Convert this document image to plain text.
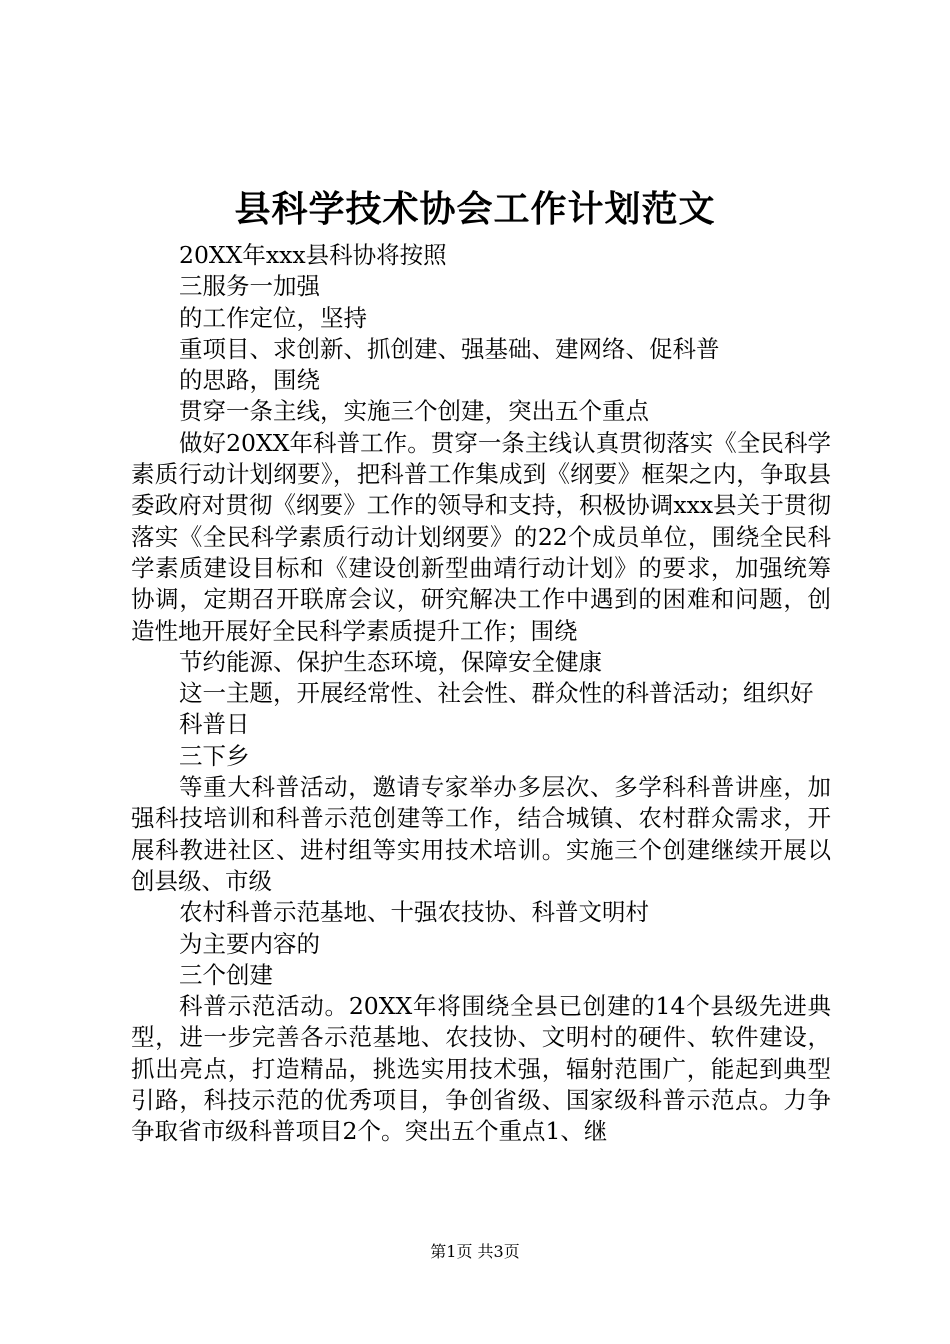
县科学技术协会工作计划范文

20XX年xxx县科协将按照

三服务一加强

的工作定位，坚持

重项目、求创新、抓创建、强基础、建网络、促科普

的思路，围绕

贯穿一条主线，实施三个创建，突出五个重点

做好20XX年科普工作。贯穿一条主线认真贯彻落实《全民科学素质行动计划纲要》，把科普工作集成到《纲要》框架之内，争取县委政府对贯彻《纲要》工作的领导和支持，积极协调xxx县关于贯彻落实《全民科学素质行动计划纲要》的22个成员单位，围绕全民科学素质建设目标和《建设创新型曲靖行动计划》的要求，加强统筹协调，定期召开联席会议，研究解决工作中遇到的困难和问题，创造性地开展好全民科学素质提升工作；围绕

节约能源、保护生态环境，保障安全健康

这一主题，开展经常性、社会性、群众性的科普活动；组织好

科普日

三下乡

等重大科普活动，邀请专家举办多层次、多学科科普讲座，加强科技培训和科普示范创建等工作，结合城镇、农村群众需求，开展科教进社区、进村组等实用技术培训。实施三个创建继续开展以创县级、市级

农村科普示范基地、十强农技协、科普文明村

为主要内容的

三个创建

科普示范活动。20XX年将围绕全县已创建的14个县级先进典型，进一步完善各示范基地、农技协、文明村的硬件、软件建设，抓出亮点，打造精品，挑选实用技术强，辐射范围广，能起到典型引路，科技示范的优秀项目，争创省级、国家级科普示范点。力争争取省市级科普项目2个。突出五个重点1、继

第1页 共3页
